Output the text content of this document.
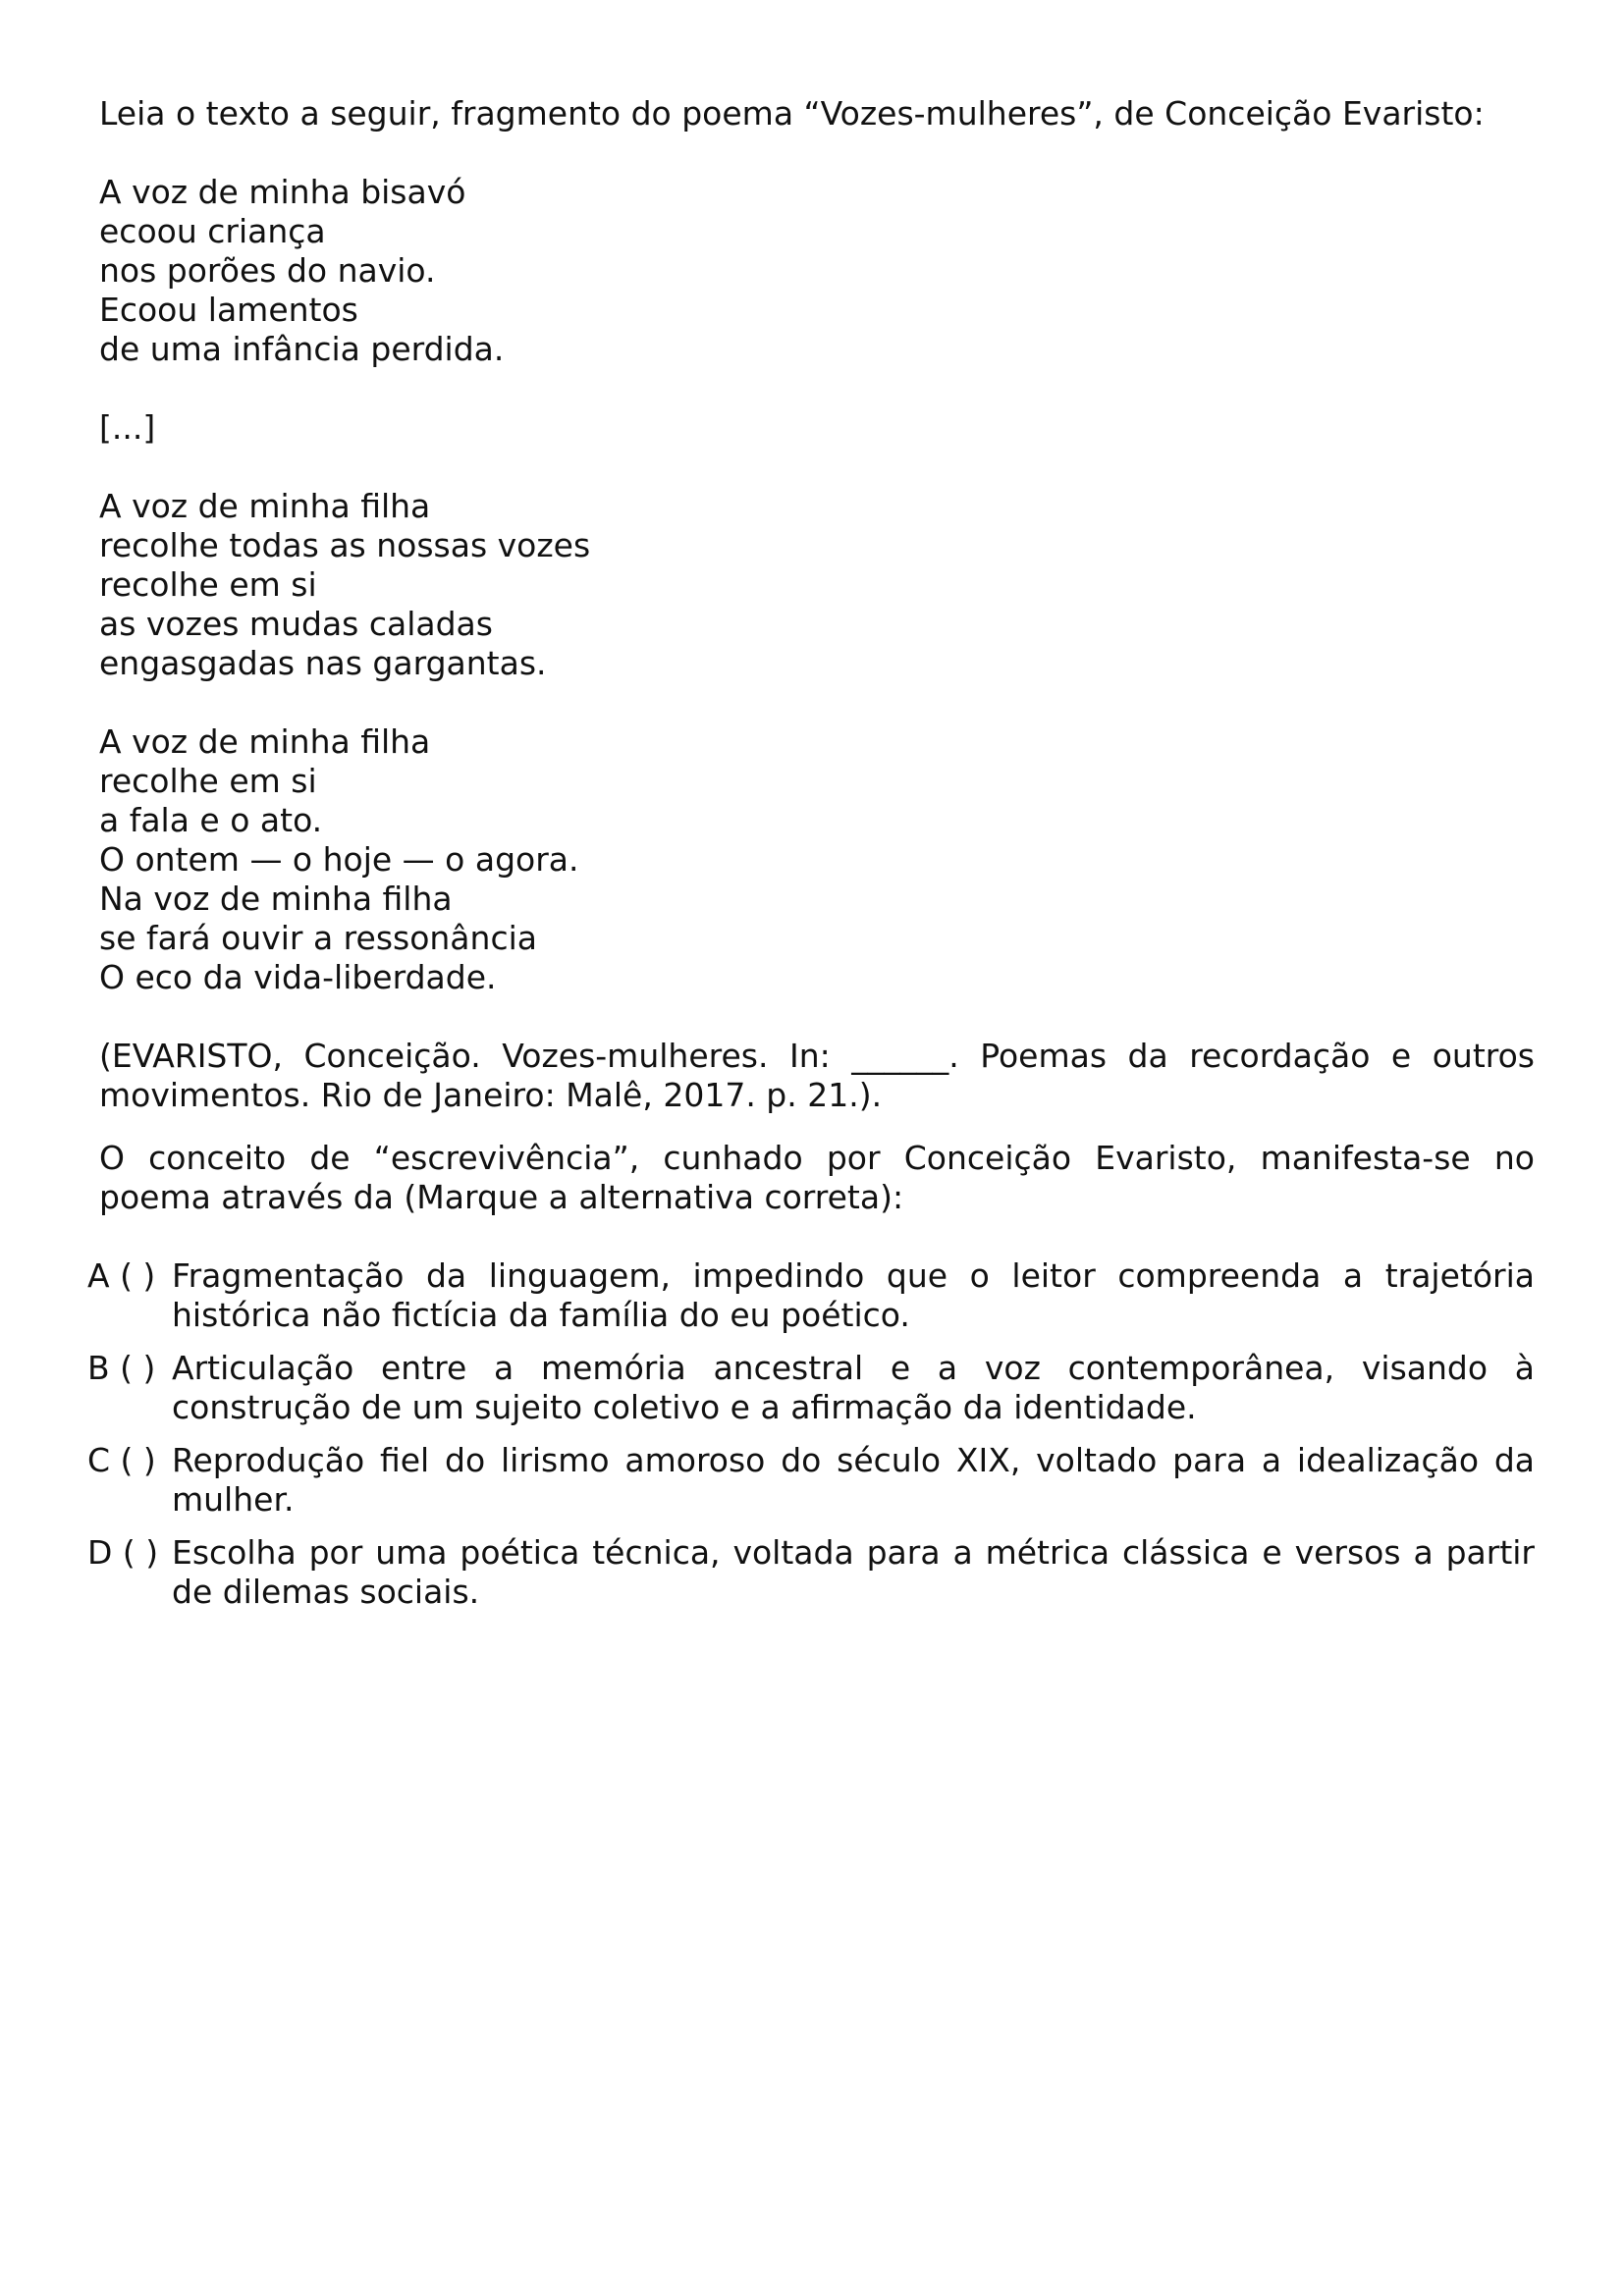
Leia o texto a seguir, fragmento do poema “Vozes-mulheres”, de Conceição Evaristo:

A voz de minha bisavó
ecoou criança
nos porões do navio.
Ecoou lamentos
de uma infância perdida.

[...]

A voz de minha filha
recolhe todas as nossas vozes
recolhe em si
as vozes mudas caladas
engasgadas nas gargantas.
A voz de minha filha
recolhe em si
a fala e o ato.
O ontem — o hoje — o agora.
Na voz de minha filha
se fará ouvir a ressonância
O eco da vida-liberdade.

(EVARISTO, Conceição. Vozes-mulheres. In: ______. Poemas da recordação e outros movimentos. Rio de Janeiro: Malê, 2017. p. 21.).

O conceito de “escrevivência”, cunhado por Conceição Evaristo, manifesta-se no poema através da (Marque a alternativa correta):

A ( ) Fragmentação da linguagem, impedindo que o leitor compreenda a trajetória histórica não fictícia da família do eu poético.
B ( ) Articulação entre a memória ancestral e a voz contemporânea, visando à construção de um sujeito coletivo e a afirmação da identidade.
C ( ) Reprodução fiel do lirismo amoroso do século XIX, voltado para a idealização da mulher.
D ( ) Escolha por uma poética técnica, voltada para a métrica clássica e versos a partir de dilemas sociais.
